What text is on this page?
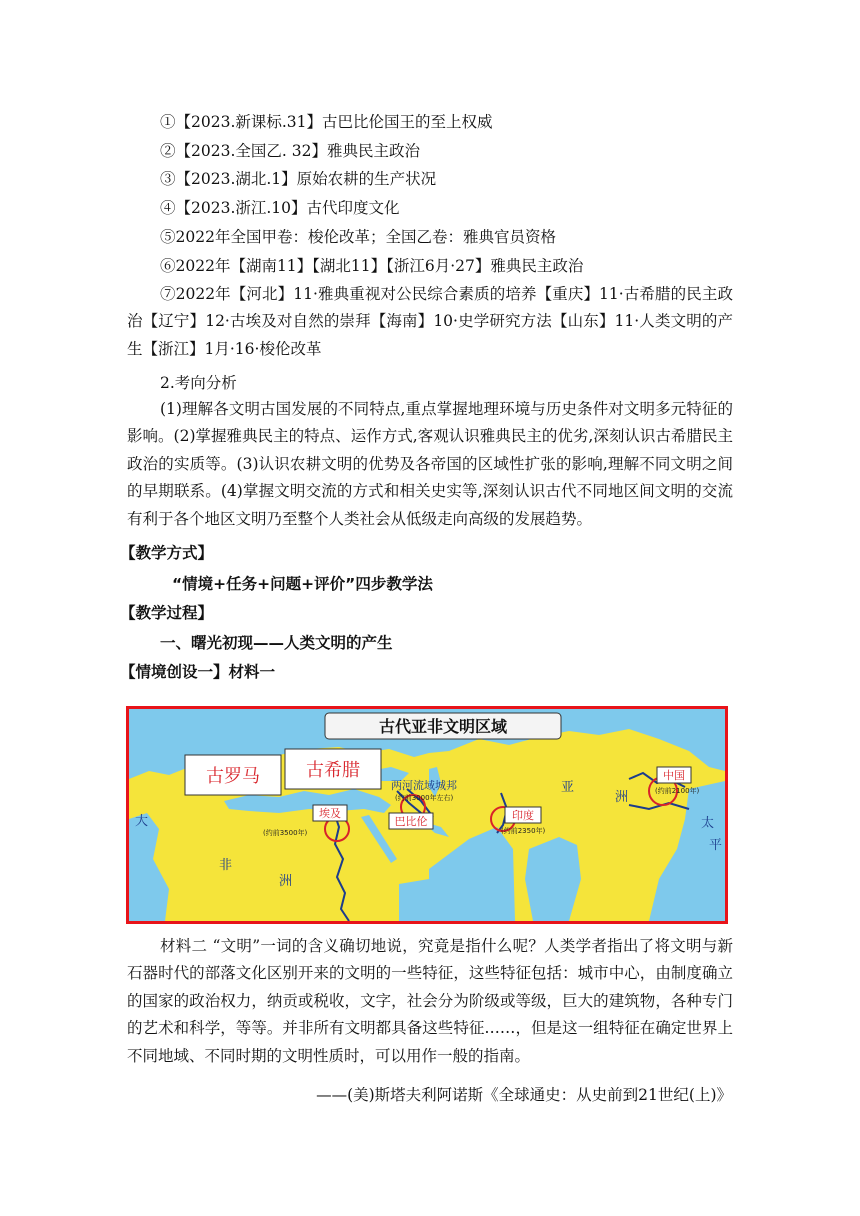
①【2023.新课标.31】古巴比伦国王的至上权威
②【2023.全国乙. 32】雅典民主政治
③【2023.湖北.1】原始农耕的生产状况
④【2023.浙江.10】古代印度文化
⑤2022年全国甲卷：梭伦改革；全国乙卷：雅典官员资格
⑥2022年【湖南11】【湖北11】【浙江6月·27】雅典民主政治
⑦2022年【河北】11·雅典重视对公民综合素质的培养【重庆】11·古希腊的民主政治【辽宁】12·古埃及对自然的崇拜【海南】10·史学研究方法【山东】11·人类文明的产生【浙江】1月·16·梭伦改革
2.考向分析
(1)理解各文明古国发展的不同特点,重点掌握地理环境与历史条件对文明多元特征的影响。(2)掌握雅典民主的特点、运作方式,客观认识雅典民主的优劣,深刻认识古希腊民主政治的实质等。(3)认识农耕文明的优势及各帝国的区域性扩张的影响,理解不同文明之间的早期联系。(4)掌握文明交流的方式和相关史实等,深刻认识古代不同地区间文明的交流有利于各个地区文明乃至整个人类社会从低级走向高级的发展趋势。
【教学方式】
“情境+任务+问题+评价”四步教学法
【教学过程】
一、曙光初现——人类文明的产生
【情境创设一】材料一
古代亚非文明区域
古罗马	古希腊
埃及
(约前3500年)
两河流域城邦
(约前3000年左右)
巴比伦	印度
(约前2350年)
中国
(约前2100年)
非
洲
亚
洲
太
平
大
材料二 “文明”一词的含义确切地说，究竟是指什么呢？人类学者指出了将文明与新石器时代的部落文化区别开来的文明的一些特征，这些特征包括：城市中心，由制度确立的国家的政治权力，纳贡或税收，文字，社会分为阶级或等级，巨大的建筑物，各种专门的艺术和科学，等等。并非所有文明都具备这些特征……，但是这一组特征在确定世界上不同地域、不同时期的文明性质时，可以用作一般的指南。
——(美)斯塔夫利阿诺斯《全球通史：从史前到21世纪(上)》
